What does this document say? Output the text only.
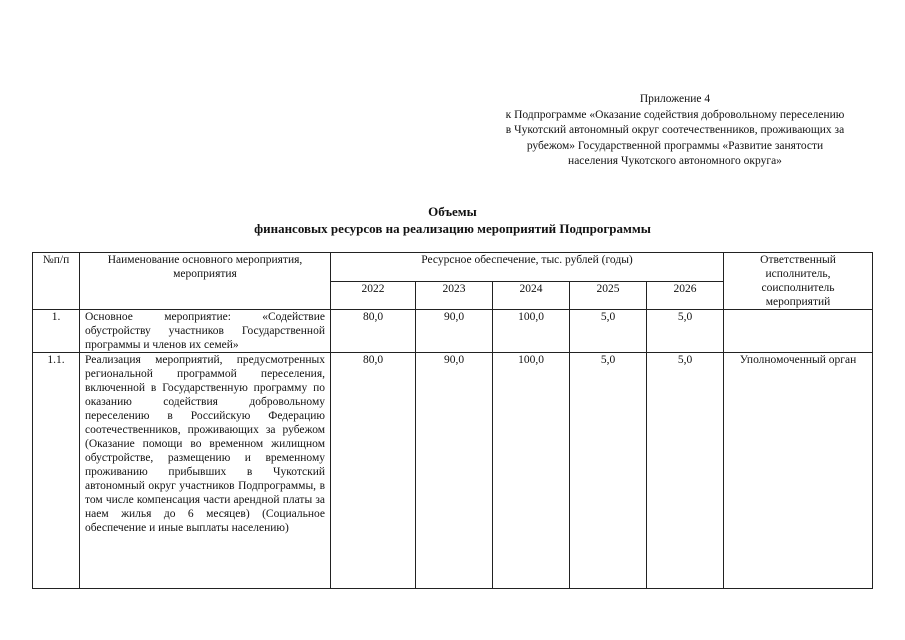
Приложение 4
к Подпрограмме «Оказание содействия добровольному переселению
в Чукотский автономный округ соотечественников, проживающих за
рубежом» Государственной программы «Развитие занятости
населения Чукотского автономного округа»
Объемы
финансовых ресурсов на реализацию мероприятий Подпрограммы
№п/п	Наименование основного мероприятия, мероприятия	Ресурсное обеспечение, тыс. рублей (годы)					Ответственный исполнитель, соисполнитель мероприятий
		2022	2023	2024	2025	2026	
1.	Основное мероприятие: «Содействие обустройству участников Государственной программы и членов их семей»	80,0	90,0	100,0	5,0	5,0	
1.1.	Реализация мероприятий, предусмотренных региональной программой переселения, включенной в Государственную программу по оказанию содействия добровольному переселению в Российскую Федерацию соотечественников, проживающих за рубежом (Оказание помощи во временном жилищном обустройстве, размещению и временному проживанию прибывших в Чукотский автономный округ участников Подпрограммы, в том числе компенсация части арендной платы за наем жилья до 6 месяцев) (Социальное обеспечение и иные выплаты населению)	80,0	90,0	100,0	5,0	5,0	Уполномоченный орган
